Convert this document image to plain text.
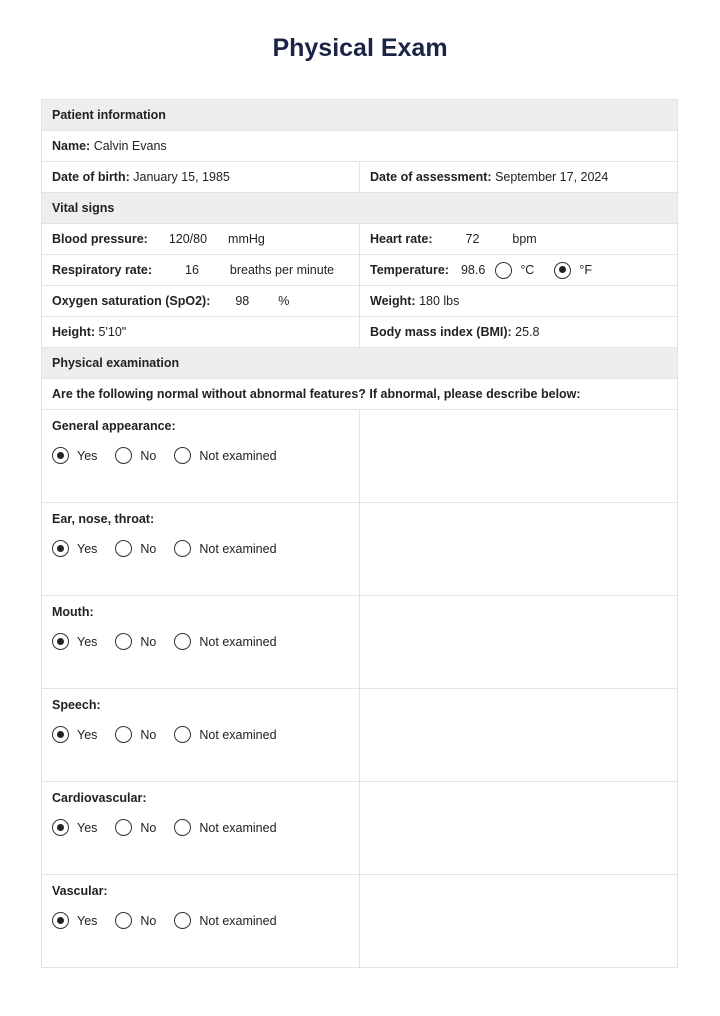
Physical Exam
Patient information	
Name: Calvin Evans	
Date of birth: January 15, 1985	Date of assessment: September 17, 2024
Vital signs	
Blood pressure: 120/80 mmHg	Heart rate: 72 bpm
Respiratory rate: 16 breaths per minute	Temperature: 98.6 °C °F

Oxygen saturation (SpO2): 98 %	Weight: 180 lbs
Height: 5'10"	Body mass index (BMI): 25.8
Physical examination	
Are the following normal without abnormal features? If abnormal, please describe below:	

General appearance:
Yes No Not examined	

Ear, nose, throat:
Yes No Not examined	

Mouth:
Yes No Not examined	

Speech:
Yes No Not examined	

Cardiovascular:
Yes No Not examined	

Vascular:
Yes No Not examined	
